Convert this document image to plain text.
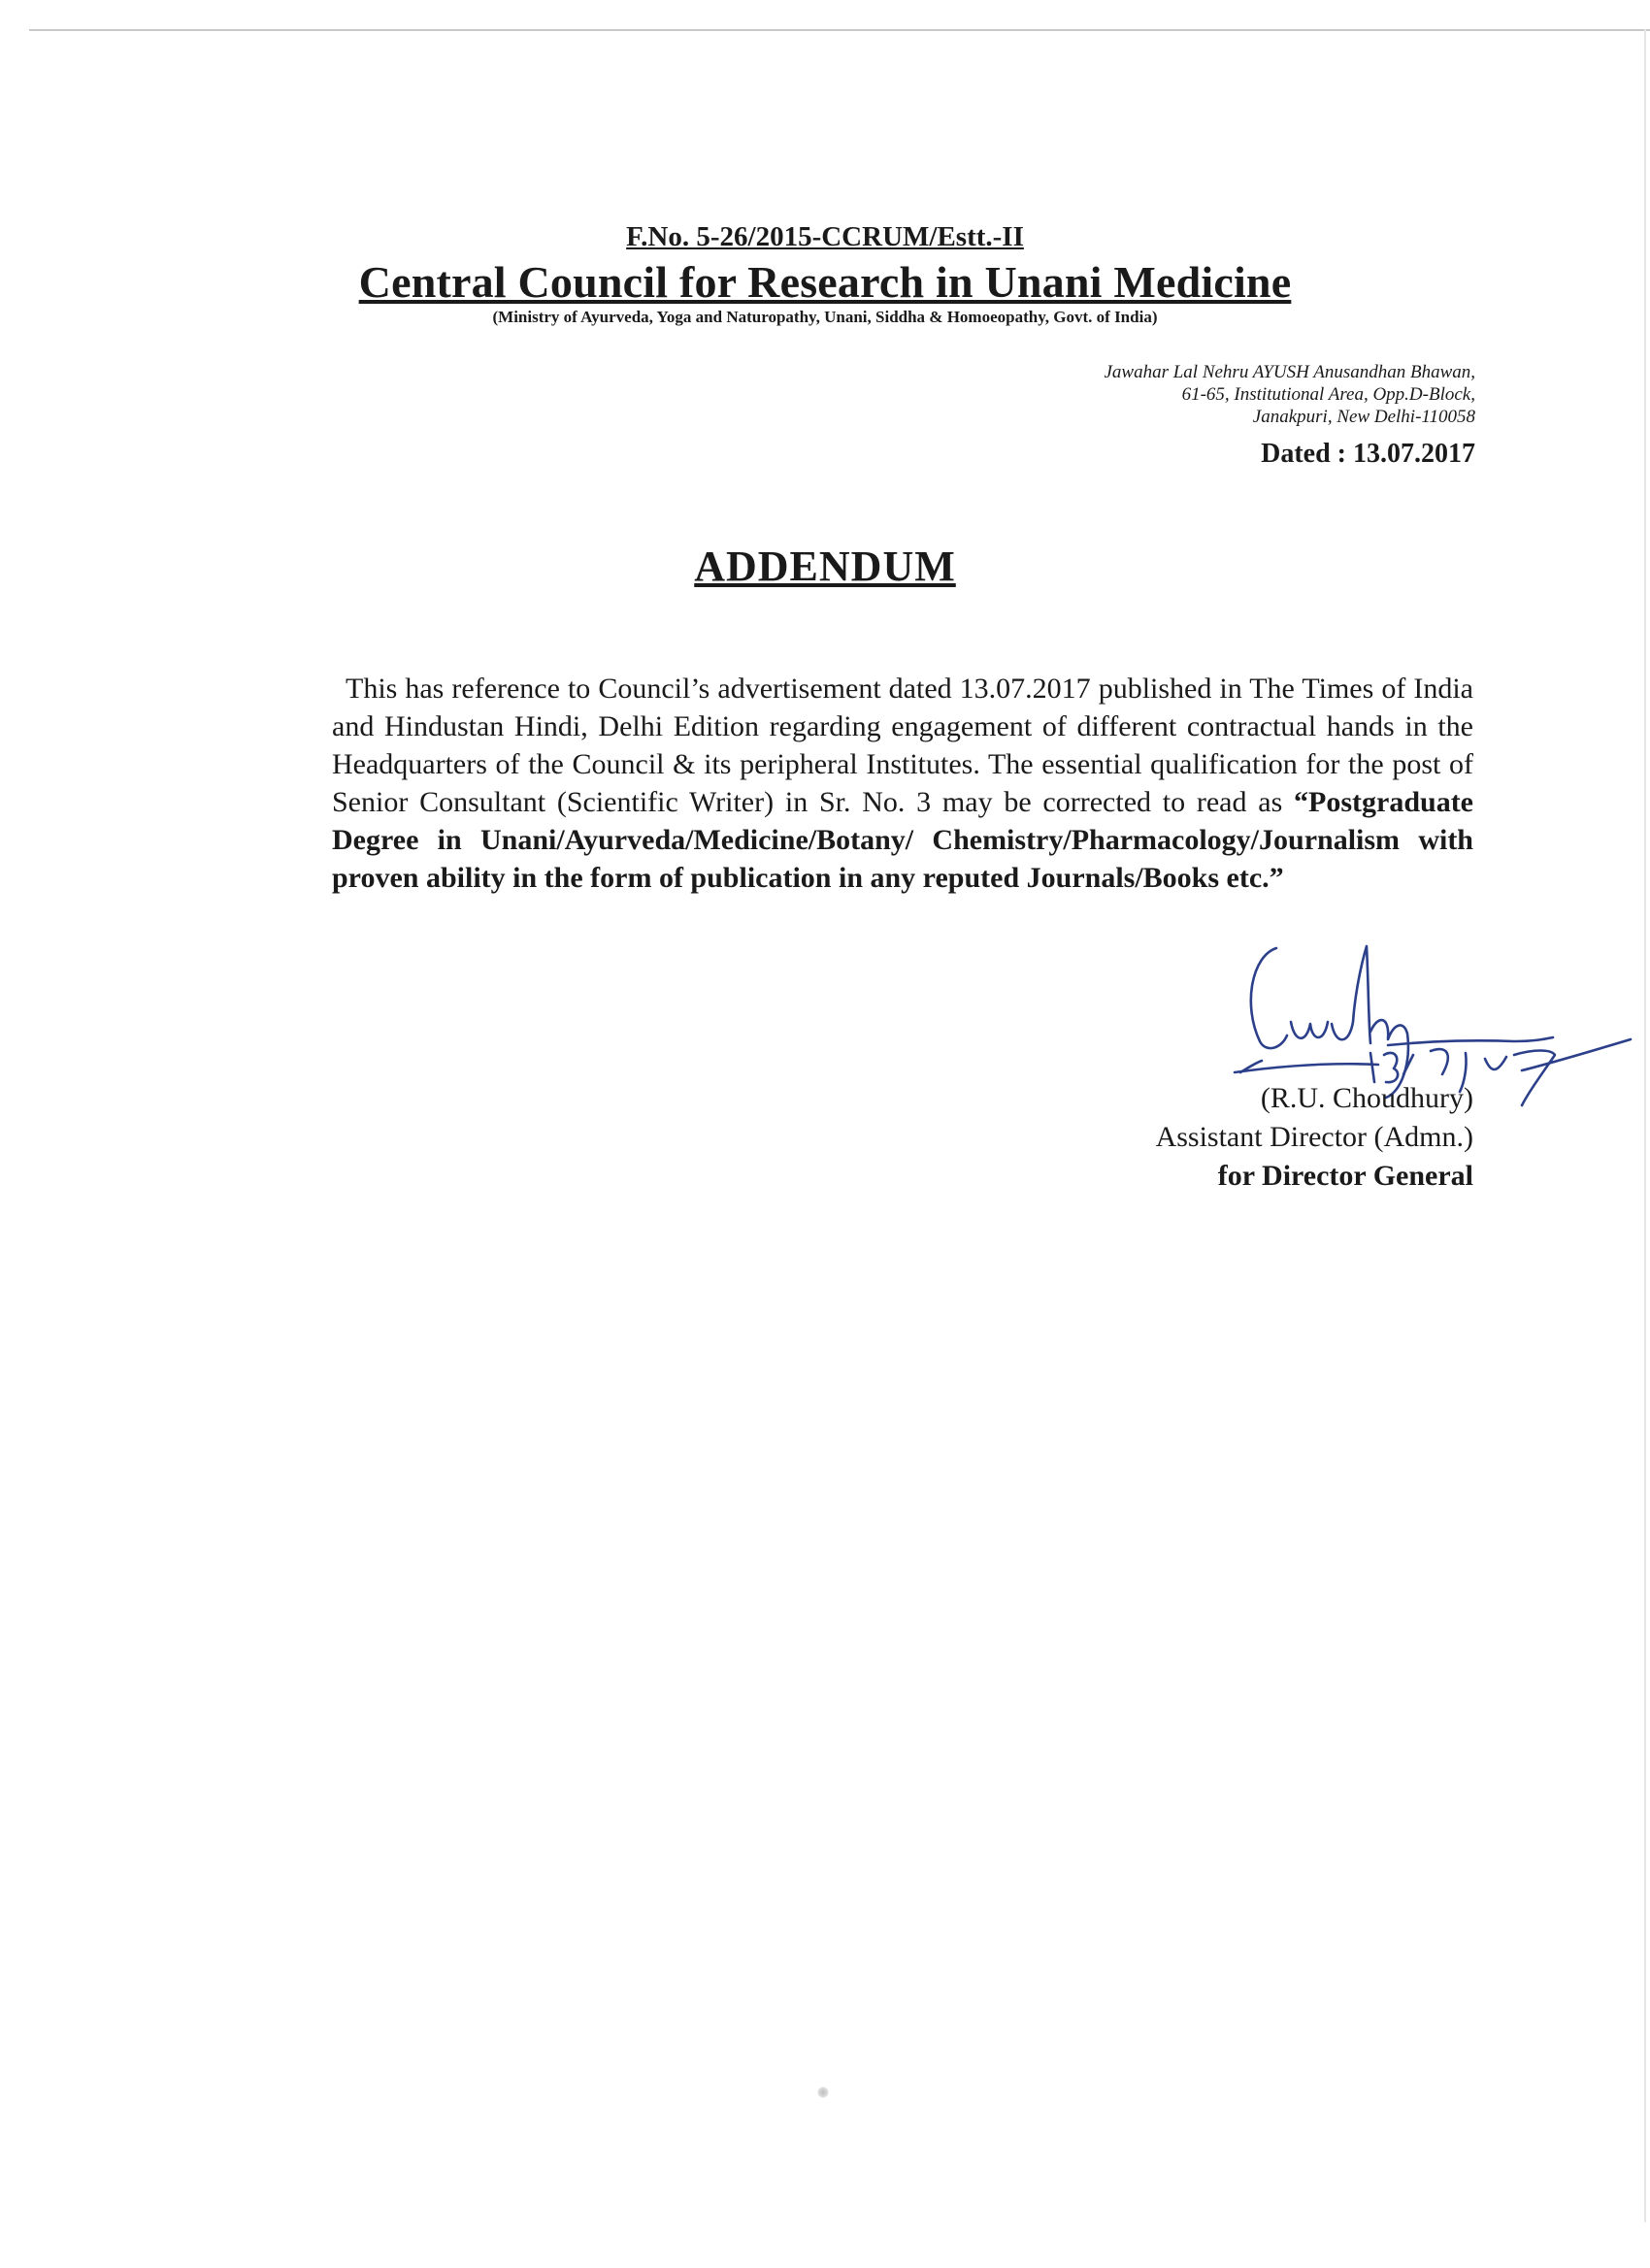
F.No. 5-26/2015-CCRUM/Estt.-II
Central Council for Research in Unani Medicine
(Ministry of Ayurveda, Yoga and Naturopathy, Unani, Siddha & Homoeopathy, Govt. of India)
Jawahar Lal Nehru AYUSH Anusandhan Bhawan,
61-65, Institutional Area, Opp.D-Block,
Janakpuri, New Delhi-110058
Dated : 13.07.2017
ADDENDUM
This has reference to Council’s advertisement dated 13.07.2017 published in The Times of India and Hindustan Hindi, Delhi Edition regarding engagement of different contractual hands in the Headquarters of the Council & its peripheral Institutes. The essential qualification for the post of Senior Consultant (Scientific Writer) in Sr. No. 3 may be corrected to read as “Postgraduate Degree in Unani/Ayurveda/Medicine/Botany/ Chemistry/Pharmacology/Journalism with proven ability in the form of publication in any reputed Journals/Books etc.”
(R.U. Choudhury)
Assistant Director (Admn.)
for Director General
